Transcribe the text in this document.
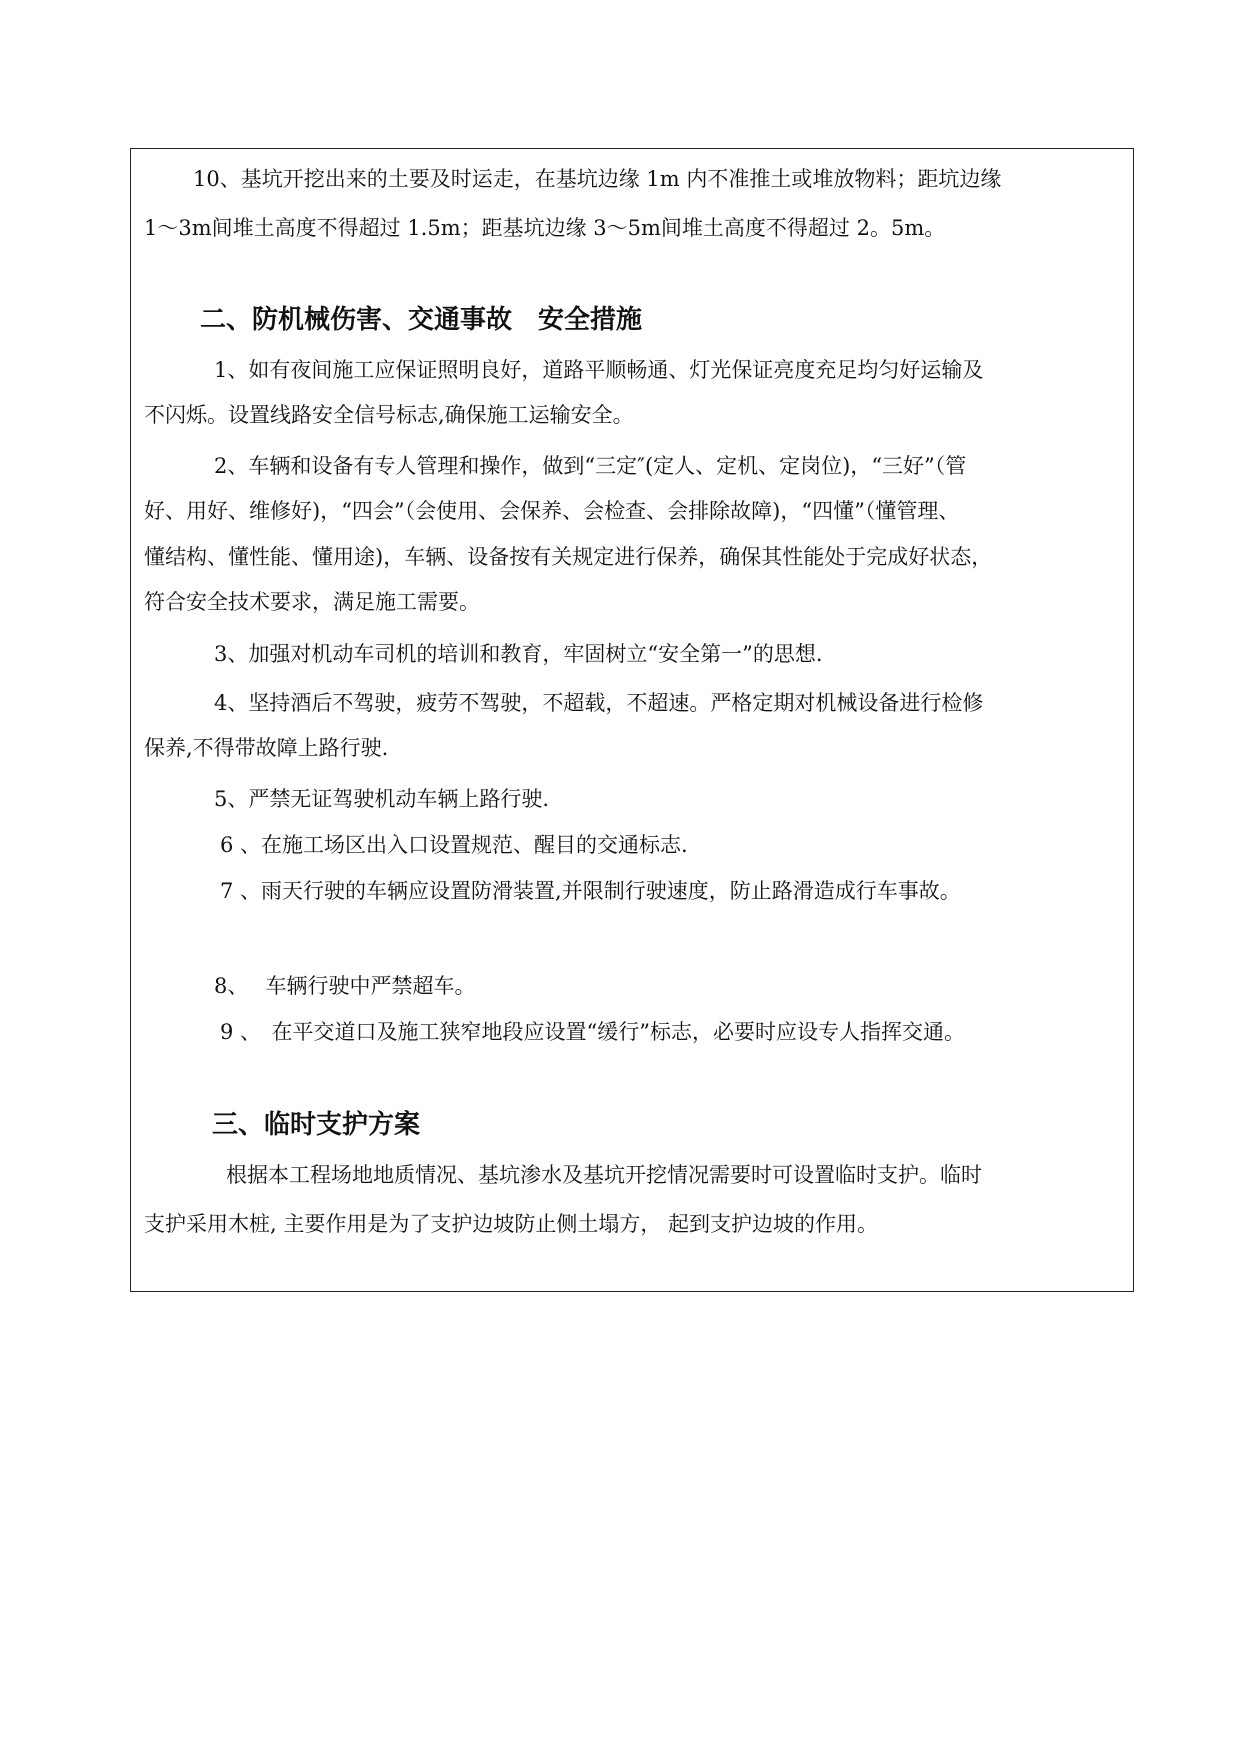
10、基坑开挖出来的土要及时运走，在基坑边缘 1m 内不准推土或堆放物料；距坑边缘
1～3m间堆土高度不得超过 1.5m；距基坑边缘 3～5m间堆土高度不得超过 2。5m。
二、防机械伤害、交通事故　安全措施
1、如有夜间施工应保证照明良好，道路平顺畅通、灯光保证亮度充足均匀好运输及
不闪烁。设置线路安全信号标志,确保施工运输安全。
2、车辆和设备有专人管理和操作，做到“三定″(定人、定机、定岗位)，“三好”（管
好、用好、维修好)，“四会”（会使用、会保养、会检查、会排除故障)，“四懂”（懂管理、
懂结构、懂性能、懂用途)，车辆、设备按有关规定进行保养，确保其性能处于完成好状态，
符合安全技术要求，满足施工需要。
3、加强对机动车司机的培训和教育，牢固树立“安全第一”的思想.
4、坚持酒后不驾驶，疲劳不驾驶，不超载，不超速。严格定期对机械设备进行检修
保养,不得带故障上路行驶.
5、严禁无证驾驶机动车辆上路行驶.
6 、在施工场区出入口设置规范、醒目的交通标志.
7 、雨天行驶的车辆应设置防滑装置,并限制行驶速度，防止路滑造成行车事故。
8、　 车辆行驶中严禁超车。
9 、　在平交道口及施工狭窄地段应设置“缓行”标志，必要时应设专人指挥交通。
三、临时支护方案
根据本工程场地地质情况、基坑渗水及基坑开挖情况需要时可设置临时支护。临时
支护采用木桩, 主要作用是为了支护边坡防止侧土塌方， 起到支护边坡的作用。
